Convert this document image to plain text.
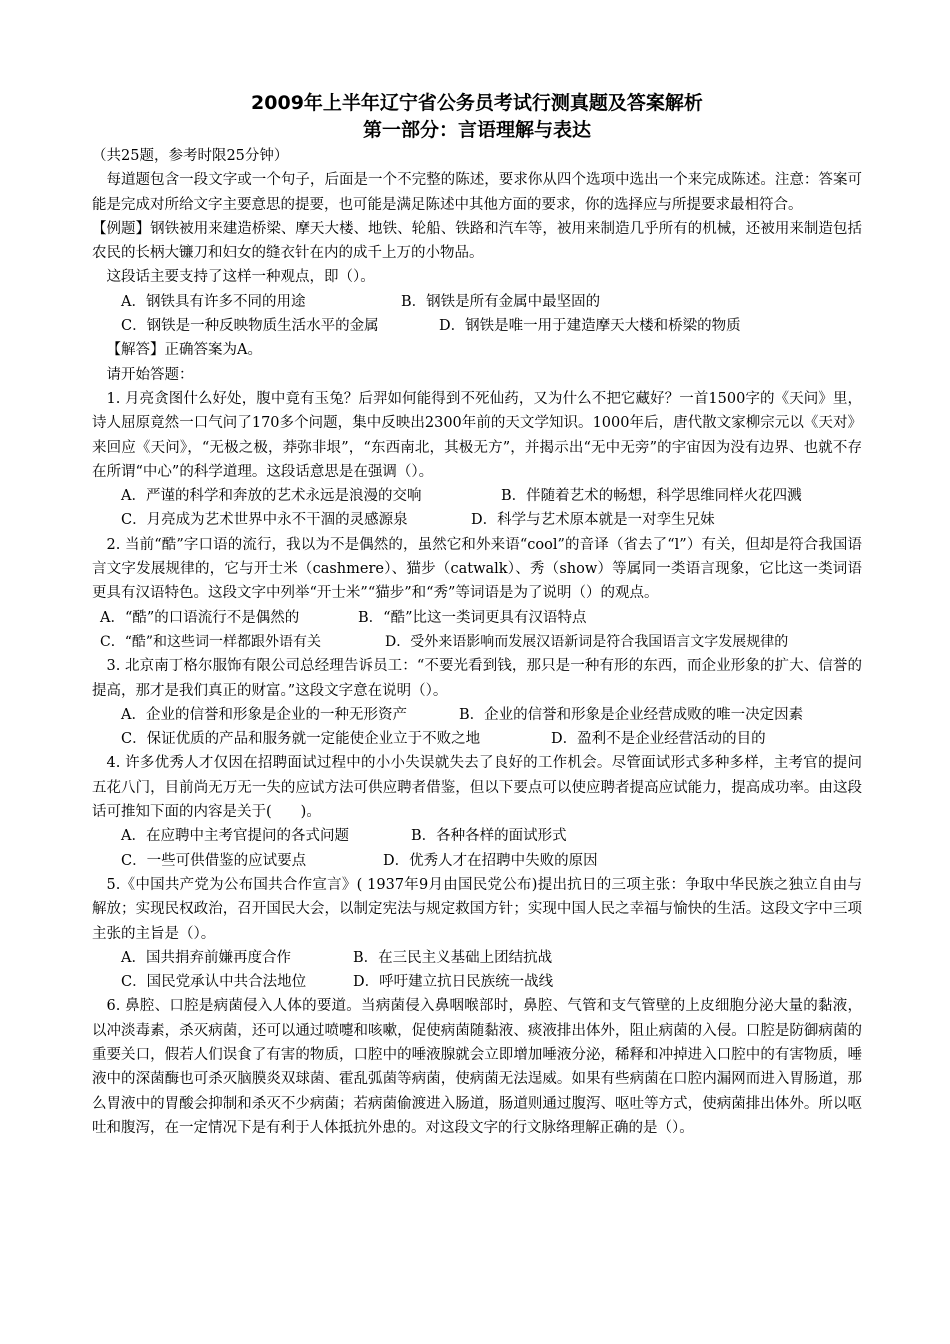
2009年上半年辽宁省公务员考试行测真题及答案解析
第一部分：言语理解与表达

（共25题，参考时限25分钟）

每道题包含一段文字或一个句子，后面是一个不完整的陈述，要求你从四个选项中选出一个来完成陈述。注意：答案可能是完成对所给文字主要意思的提要，也可能是满足陈述中其他方面的要求，你的选择应与所提要求最相符合。

【例题】钢铁被用来建造桥梁、摩天大楼、地铁、轮船、铁路和汽车等，被用来制造几乎所有的机械，还被用来制造包括农民的长柄大镰刀和妇女的缝衣针在内的成千上万的小物品。

这段话主要支持了这样一种观点，即（）。

A．钢铁具有许多不同的用途	B．钢铁是所有金属中最坚固的

C．钢铁是一种反映物质生活水平的金属	D．钢铁是唯一用于建造摩天大楼和桥梁的物质

【解答】正确答案为A。

请开始答题：

1. 月亮贪图什么好处，腹中竟有玉兔？后羿如何能得到不死仙药，又为什么不把它藏好？一首1500字的《天问》里，诗人屈原竟然一口气问了170多个问题，集中反映出2300年前的天文学知识。1000年后，唐代散文家柳宗元以《天对》来回应《天问》，“无极之极，莽弥非垠”，“东西南北，其极无方”，并揭示出“无中无旁”的宇宙因为没有边界、也就不存在所谓“中心”的科学道理。这段话意思是在强调（）。

A．严谨的科学和奔放的艺术永远是浪漫的交响	B．伴随着艺术的畅想，科学思维同样火花四溅

C．月亮成为艺术世界中永不干涸的灵感源泉	D．科学与艺术原本就是一对孪生兄妹

2. 当前“酷”字口语的流行，我以为不是偶然的，虽然它和外来语“cool”的音译（省去了“l”）有关，但却是符合我国语言文字发展规律的，它与开士米（cashmere）、猫步（catwalk）、秀（show）等属同一类语言现象，它比这一类词语更具有汉语特色。这段文字中列举“开士米”“猫步”和“秀”等词语是为了说明（）的观点。

A．“酷”的口语流行不是偶然的	B．“酷”比这一类词更具有汉语特点

C．“酷”和这些词一样都跟外语有关	D．受外来语影响而发展汉语新词是符合我国语言文字发展规律的

3. 北京南丁格尔服饰有限公司总经理告诉员工：“不要光看到钱，那只是一种有形的东西，而企业形象的扩大、信誉的提高，那才是我们真正的财富。”这段文字意在说明（）。

A．企业的信誉和形象是企业的一种无形资产	B．企业的信誉和形象是企业经营成败的唯一决定因素

C．保证优质的产品和服务就一定能使企业立于不败之地	D．盈利不是企业经营活动的目的

4. 许多优秀人才仅因在招聘面试过程中的小小失误就失去了良好的工作机会。尽管面试形式多种多样，主考官的提问五花八门，目前尚无万无一失的应试方法可供应聘者借鉴，但以下要点可以使应聘者提高应试能力，提高成功率。由这段话可推知下面的内容是关于(　　)。

A．在应聘中主考官提问的各式问题	B．各种各样的面试形式

C．一些可供借鉴的应试要点	D．优秀人才在招聘中失败的原因

5.《中国共产党为公布国共合作宣言》( 1937年9月由国民党公布)提出抗日的三项主张：争取中华民族之独立自由与解放；实现民权政治，召开国民大会，以制定宪法与规定救国方针；实现中国人民之幸福与愉快的生活。这段文字中三项主张的主旨是（）。

A．国共捐弃前嫌再度合作	B．在三民主义基础上团结抗战

C．国民党承认中共合法地位	D．呼吁建立抗日民族统一战线

6. 鼻腔、口腔是病菌侵入人体的要道。当病菌侵入鼻咽喉部时，鼻腔、气管和支气管壁的上皮细胞分泌大量的黏液，以冲淡毒素，杀灭病菌，还可以通过喷嚏和咳嗽，促使病菌随黏液、痰液排出体外，阻止病菌的入侵。口腔是防御病菌的重要关口，假若人们误食了有害的物质，口腔中的唾液腺就会立即增加唾液分泌，稀释和冲掉进入口腔中的有害物质，唾液中的深菌酶也可杀灭脑膜炎双球菌、霍乱弧菌等病菌，使病菌无法逞威。如果有些病菌在口腔内漏网而进入胃肠道，那么胃液中的胃酸会抑制和杀灭不少病菌；若病菌偷渡进入肠道，肠道则通过腹泻、呕吐等方式，使病菌排出体外。所以呕吐和腹泻，在一定情况下是有利于人体抵抗外患的。对这段文字的行文脉络理解正确的是（）。
